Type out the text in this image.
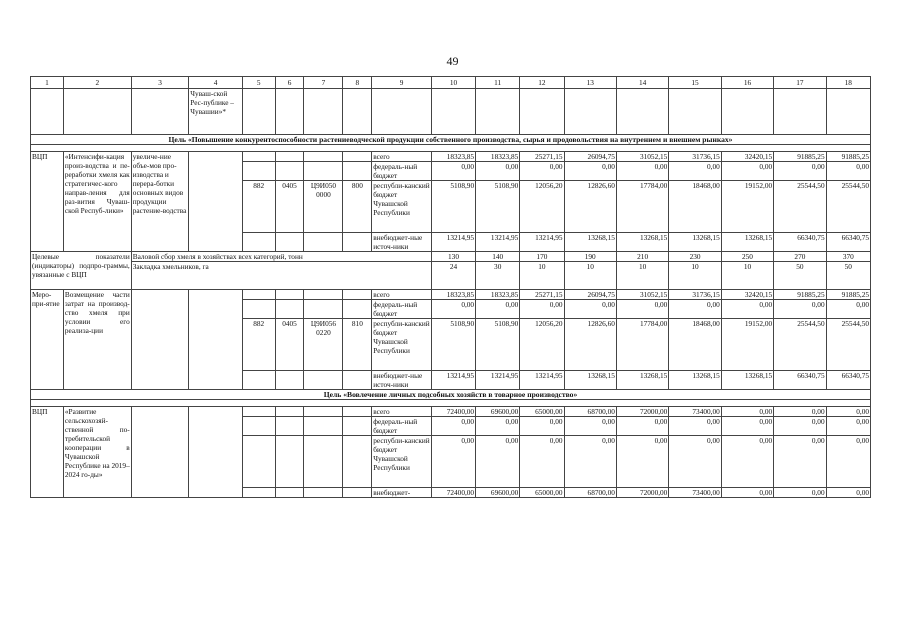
49
1	2	3	4	5	6	7	8	9	10	11	12	13	14	15	16	17	18
			Чуваш-ской Рес-публике – Чувашии»*														
Цель «Повышение конкурентоспособности растениеводческой продукции собственного производства, сырья и продовольствия на внутреннем и внешнем рынках»																	

ВЦП	«Интенсифи-кация произ-водства и пе-реработки хмеля как стратегичес-кого направ-ления для раз-вития Чуваш-ской Респуб-лики»	увеличе-ние объе-мов про-изводства и перера-ботки основных видов продукции растение-водства						всего	18323,85	18323,85	25271,15	26094,75	31052,15	31736,15	32420,15	91885,25	91885,25
								федераль-ный бюджет	0,00	0,00	0,00	0,00	0,00	0,00	0,00	0,00	0,00
				882	0405	Ц9И050 0000	800	республи-канский бюджет Чувашской Республики	5108,90	5108,90	12056,20	12826,60	17784,00	18468,00	19152,00	25544,50	25544,50
								внебюджет-ные источ-ники	13214,95	13214,95	13214,95	13268,15	13268,15	13268,15	13268,15	66340,75	66340,75
Целевые показатели (индикаторы) подпро-граммы, увязанные с ВЦП		Валовой сбор хмеля в хозяйствах всех категорий, тонн							130	140	170	190	210	230	250	270	370
		Закладка хмельников, га							24	30	10	10	10	10	10	50	50
Меро-при-ятие	Возмещение части затрат на производ-ство хмеля при условии его реализа-ции							всего	18323,85	18323,85	25271,15	26094,75	31052,15	31736,15	32420,15	91885,25	91885,25
								федераль-ный бюджет	0,00	0,00	0,00	0,00	0,00	0,00	0,00	0,00	0,00
				882	0405	Ц9И056 0220	810	республи-канский бюджет Чувашской Республики	5108,90	5108,90	12056,20	12826,60	17784,00	18468,00	19152,00	25544,50	25544,50
								внебюджет-ные источ-ники	13214,95	13214,95	13214,95	13268,15	13268,15	13268,15	13268,15	66340,75	66340,75
Цель «Вовлечение личных подсобных хозяйств в товарное производство»																	

ВЦП	«Развитие сельскохозяй-ственной по-требительской кооперации в Чувашской Республике на 2019–2024 го-ды»							всего	72400,00	69600,00	65000,00	68700,00	72000,00	73400,00	0,00	0,00	0,00
								федераль-ный бюджет	0,00	0,00	0,00	0,00	0,00	0,00	0,00	0,00	0,00
								республи-канский бюджет Чувашской Республики	0,00	0,00	0,00	0,00	0,00	0,00	0,00	0,00	0,00
								внебюджет-	72400,00	69600,00	65000,00	68700,00	72000,00	73400,00	0,00	0,00	0,00
